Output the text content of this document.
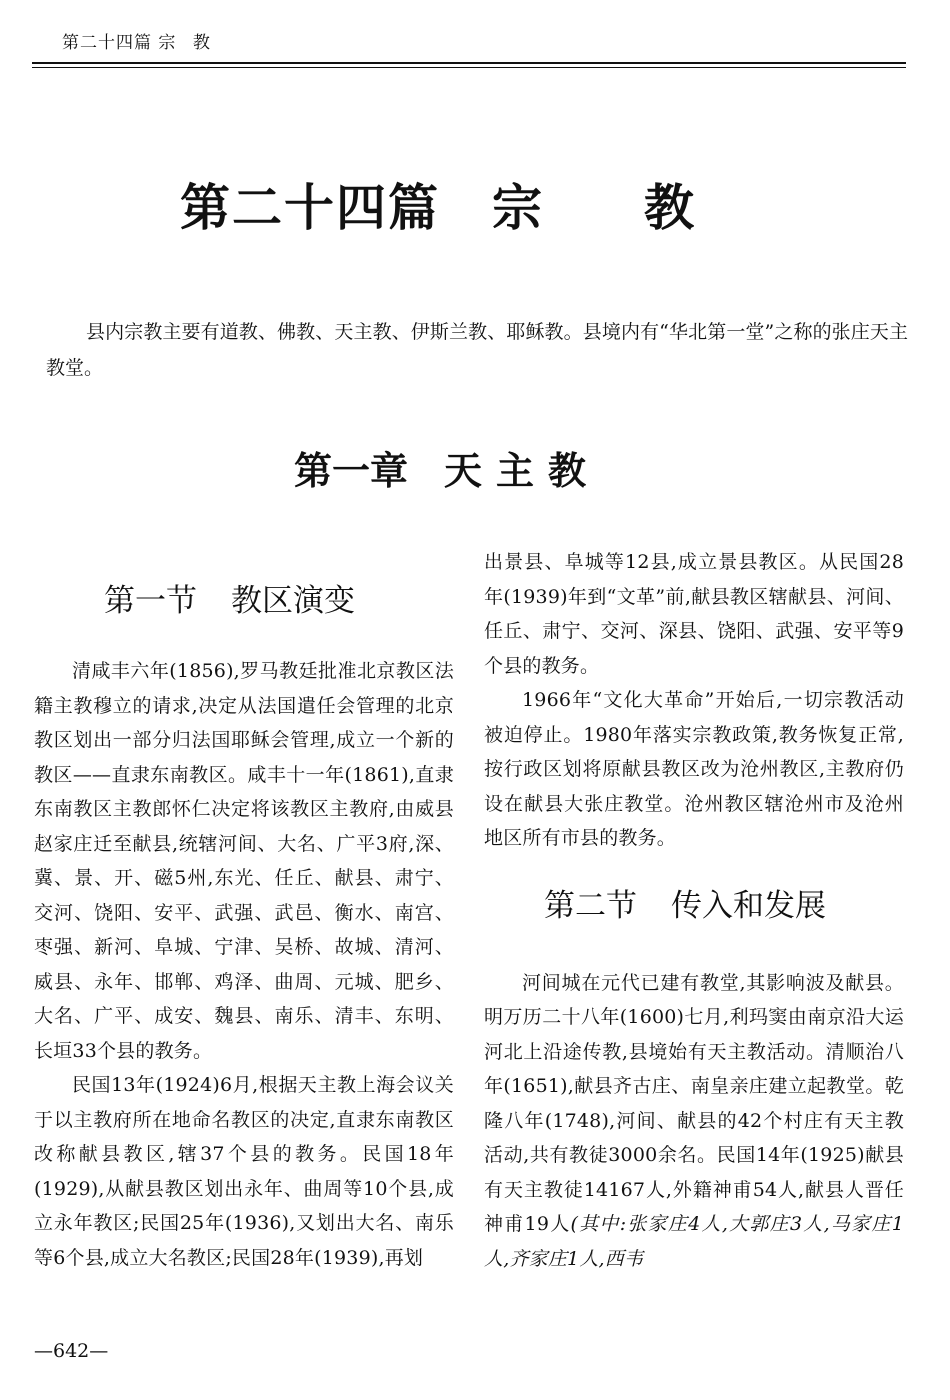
第二十四篇 宗 教
第二十四篇 宗 教

县内宗教主要有道教、佛教、天主教、伊斯兰教、耶稣教。县境内有“华北第一堂”之称的张庄天主教堂。

第一章 天主教
第一节 教区演变

清咸丰六年(1856),罗马教廷批准北京教区法籍主教穆立的请求,决定从法国遣任会管理的北京教区划出一部分归法国耶稣会管理,成立一个新的教区——直隶东南教区。咸丰十一年(1861),直隶东南教区主教郎怀仁决定将该教区主教府,由威县赵家庄迁至献县,统辖河间、大名、广平3府,深、冀、景、开、磁5州,东光、任丘、献县、肃宁、交河、饶阳、安平、武强、武邑、衡水、南宫、枣强、新河、阜城、宁津、吴桥、故城、清河、威县、永年、邯郸、鸡泽、曲周、元城、肥乡、大名、广平、成安、魏县、南乐、清丰、东明、长垣33个县的教务。

民国13年(1924)6月,根据天主教上海会议关于以主教府所在地命名教区的决定,直隶东南教区改称献县教区,辖37个县的教务。民国18年(1929),从献县教区划出永年、曲周等10个县,成立永年教区;民国25年(1936),又划出大名、南乐等6个县,成立大名教区;民国28年(1939),再划

出景县、阜城等12县,成立景县教区。从民国28年(1939)年到“文革”前,献县教区辖献县、河间、任丘、肃宁、交河、深县、饶阳、武强、安平等9个县的教务。

1966年“文化大革命”开始后,一切宗教活动被迫停止。1980年落实宗教政策,教务恢复正常,按行政区划将原献县教区改为沧州教区,主教府仍设在献县大张庄教堂。沧州教区辖沧州市及沧州地区所有市县的教务。

第二节 传入和发展

河间城在元代已建有教堂,其影响波及献县。明万历二十八年(1600)七月,利玛窦由南京沿大运河北上沿途传教,县境始有天主教活动。清顺治八年(1651),献县齐古庄、南皇亲庄建立起教堂。乾隆八年(1748),河间、献县的42个村庄有天主教活动,共有教徒3000余名。民国14年(1925)献县有天主教徒14167人,外籍神甫54人,献县人晋任神甫19人(其中:张家庄4人,大郭庄3人,马家庄1人,齐家庄1人,西韦

—642—
